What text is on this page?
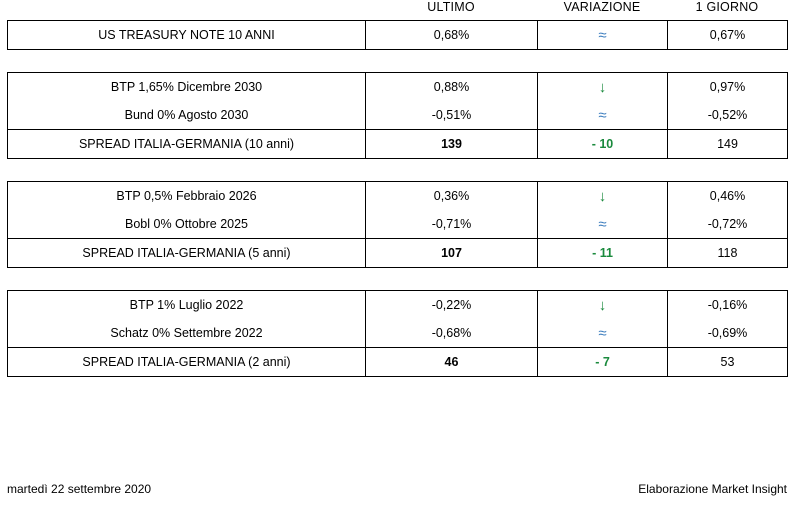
	ULTIMO	VARIAZIONE	1 GIORNO
US TREASURY NOTE 10 ANNI	0,68%	≈	0,67%
BTP 1,65% Dicembre 2030	0,88%	↓	0,97%
Bund 0% Agosto 2030	-0,51%	≈	-0,52%
SPREAD ITALIA-GERMANIA (10 anni)	139	- 10	149
BTP 0,5% Febbraio 2026	0,36%	↓	0,46%
Bobl 0% Ottobre 2025	-0,71%	≈	-0,72%
SPREAD ITALIA-GERMANIA (5 anni)	107	- 11	118
BTP 1% Luglio 2022	-0,22%	↓	-0,16%
Schatz 0% Settembre 2022	-0,68%	≈	-0,69%
SPREAD ITALIA-GERMANIA (2 anni)	46	- 7	53
martedì 22 settembre 2020	Elaborazione Market Insight
